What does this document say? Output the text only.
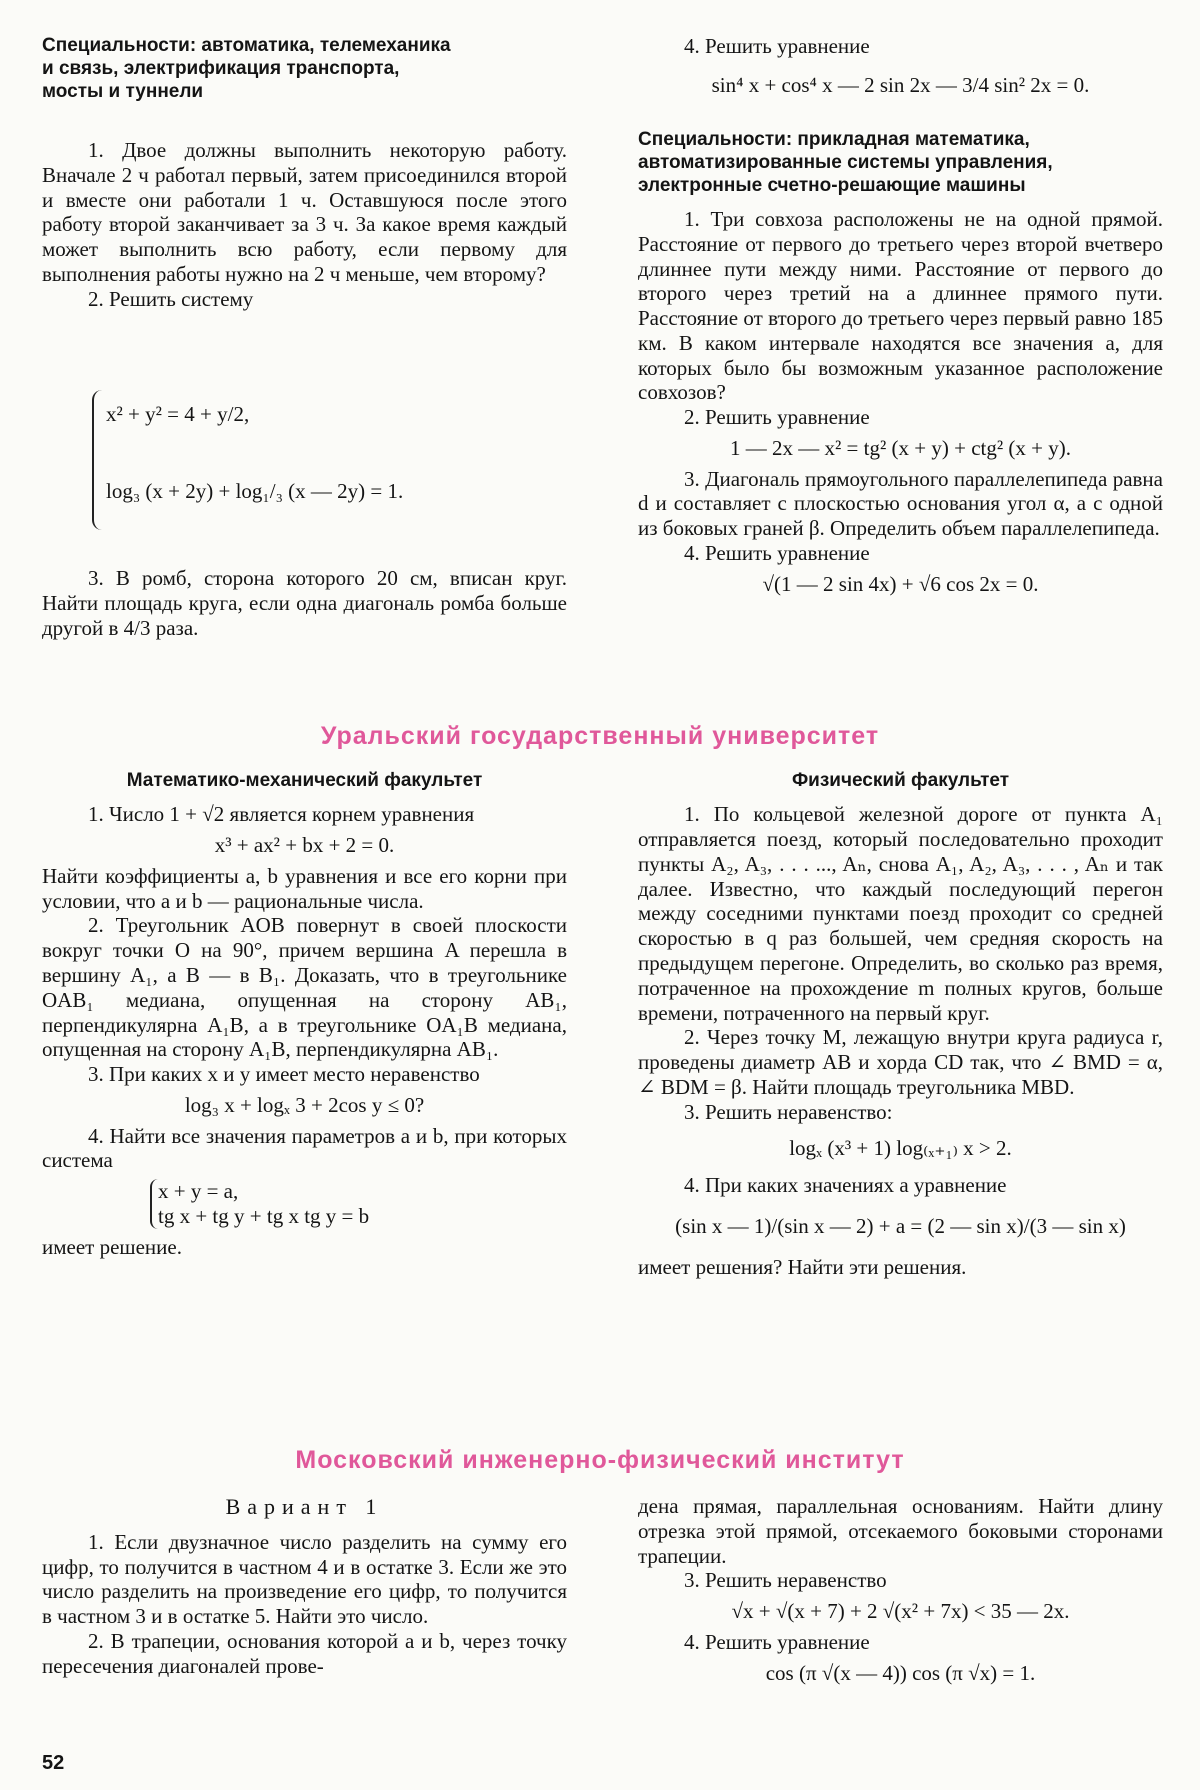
Специальности: автоматика, телемеханика
и связь, электрификация транспорта,
мосты и туннели

1. Двое должны выполнить некоторую работу. Вначале 2 ч работал первый, затем присоединился второй и вместе они работали 1 ч. Оставшуюся после этого работу второй заканчивает за 3 ч. За какое время каждый может выполнить всю работу, если первому для выполнения работы нужно на 2 ч меньше, чем второму?

2. Решить систему

x² + y² = 4 + y/2,
log₃ (x + 2y) + log₁/₃ (x — 2y) = 1.

3. В ромб, сторона которого 20 см, вписан круг. Найти площадь круга, если одна диагональ ромба больше другой в 4/3 раза.

4. Решить уравнение

sin⁴ x + cos⁴ x — 2 sin 2x — 3/4 sin² 2x = 0.
Специальности: прикладная математика,
автоматизированные системы управления,
электронные счетно-решающие машины

1. Три совхоза расположены не на одной прямой. Расстояние от первого до третьего через второй вчетверо длиннее пути между ними. Расстояние от первого до второго через третий на a длиннее прямого пути. Расстояние от второго до третьего через первый равно 185 км. В каком интервале находятся все значения a, для которых было бы возможным указанное расположение совхозов?

2. Решить уравнение

1 — 2x — x² = tg² (x + y) + ctg² (x + y).

3. Диагональ прямоугольного параллелепипеда равна d и составляет с плоскостью основания угол α, а с одной из боковых граней β. Определить объем параллелепипеда.

4. Решить уравнение

√(1 — 2 sin 4x) + √6 cos 2x = 0.
Уральский государственный университет
Математико-механический факультет

1. Число 1 + √2 является корнем уравнения

x³ + ax² + bx + 2 = 0.

Найти коэффициенты a, b уравнения и все его корни при условии, что a и b — рациональные числа.

2. Треугольник AOB повернут в своей плоскости вокруг точки O на 90°, причем вершина A перешла в вершину A₁, а B — в B₁. Доказать, что в треугольнике OAB₁ медиана, опущенная на сторону AB₁, перпендикулярна A₁B, а в треугольнике OA₁B медиана, опущенная на сторону A₁B, перпендикулярна AB₁.

3. При каких x и y имеет место неравенство

log₃ x + logₓ 3 + 2cos y ≤ 0?

4. Найти все значения параметров a и b, при которых система

x + y = a,
tg x + tg y + tg x tg y = b

имеет решение.

Физический факультет

1. По кольцевой железной дороге от пункта A₁ отправляется поезд, который последовательно проходит пункты A₂, A₃, . . . ..., Aₙ, снова A₁, A₂, A₃, . . . , Aₙ и так далее. Известно, что каждый последующий перегон между соседними пунктами поезд проходит со средней скоростью в q раз большей, чем средняя скорость на предыдущем перегоне. Определить, во сколько раз время, потраченное на прохождение m полных кругов, больше времени, потраченного на первый круг.

2. Через точку M, лежащую внутри круга радиуса r, проведены диаметр AB и хорда CD так, что ∠ BMD = α, ∠ BDM = β. Найти площадь треугольника MBD.

3. Решить неравенство:

logₓ (x³ + 1) log₍ₓ₊₁₎ x > 2.

4. При каких значениях a уравнение

(sin x — 1)/(sin x — 2) + a = (2 — sin x)/(3 — sin x)

имеет решения? Найти эти решения.

Московский инженерно-физический институт
Вариант 1

1. Если двузначное число разделить на сумму его цифр, то получится в частном 4 и в остатке 3. Если же это число разделить на произведение его цифр, то получится в частном 3 и в остатке 5. Найти это число.

2. В трапеции, основания которой a и b, через точку пересечения диагоналей прове-

дена прямая, параллельная основаниям. Найти длину отрезка этой прямой, отсекаемого боковыми сторонами трапеции.

3. Решить неравенство

√x + √(x + 7) + 2 √(x² + 7x) < 35 — 2x.

4. Решить уравнение

cos (π √(x — 4)) cos (π √x) = 1.
52
